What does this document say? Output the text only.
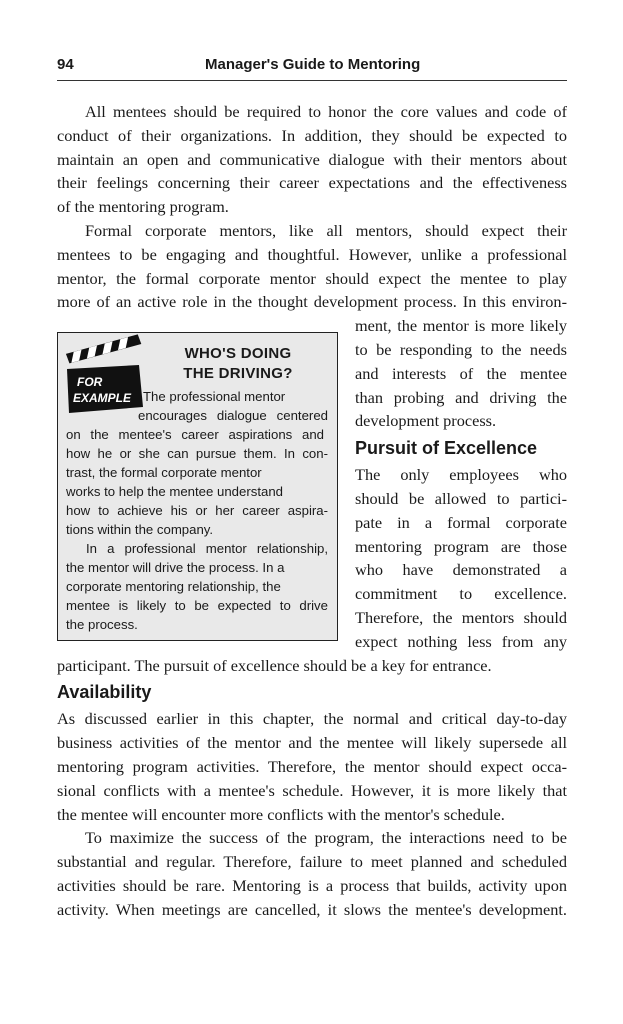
94	Manager's Guide to Mentoring
All mentees should be required to honor the core values and code of
conduct of their organizations. In addition, they should be expected to
maintain an open and communicative dialogue with their mentors about
their feelings concerning their career expectations and the effectiveness
of the mentoring program.
Formal corporate mentors, like all mentors, should expect their
mentees to be engaging and thoughtful. However, unlike a professional
mentor, the formal corporate mentor should expect the mentee to play
more of an active role in the thought development process. In this environ-
ment, the mentor is more likely
to be responding to the needs
and interests of the mentee
than probing and driving the
development process.
Pursuit of Excellence
The only employees who
should be allowed to partici-
pate in a formal corporate
mentoring program are those
who have demonstrated a
commitment to excellence.
Therefore, the mentors should
expect nothing less from any
participant. The pursuit of excellence should be a key for entrance.
Availability
As discussed earlier in this chapter, the normal and critical day-to-day
business activities of the mentor and the mentee will likely supersede all
mentoring program activities. Therefore, the mentor should expect occa-
sional conflicts with a mentee's schedule. However, it is more likely that
the mentee will encounter more conflicts with the mentor's schedule.
To maximize the success of the program, the interactions need to be
substantial and regular. Therefore, failure to meet planned and scheduled
activities should be rare. Mentoring is a process that builds, activity upon
activity. When meetings are cancelled, it slows the mentee's development.
FOR
EXAMPLE
WHO'S DOING
THE DRIVING?
The professional mentor
encourages dialogue centered
on the mentee's career aspirations and
how he or she can pursue them. In con-
trast, the formal corporate mentor
works to help the mentee understand
how to achieve his or her career aspira-
tions within the company.
In a professional mentor relationship,
the mentor will drive the process. In a
corporate mentoring relationship, the
mentee is likely to be expected to drive
the process.
